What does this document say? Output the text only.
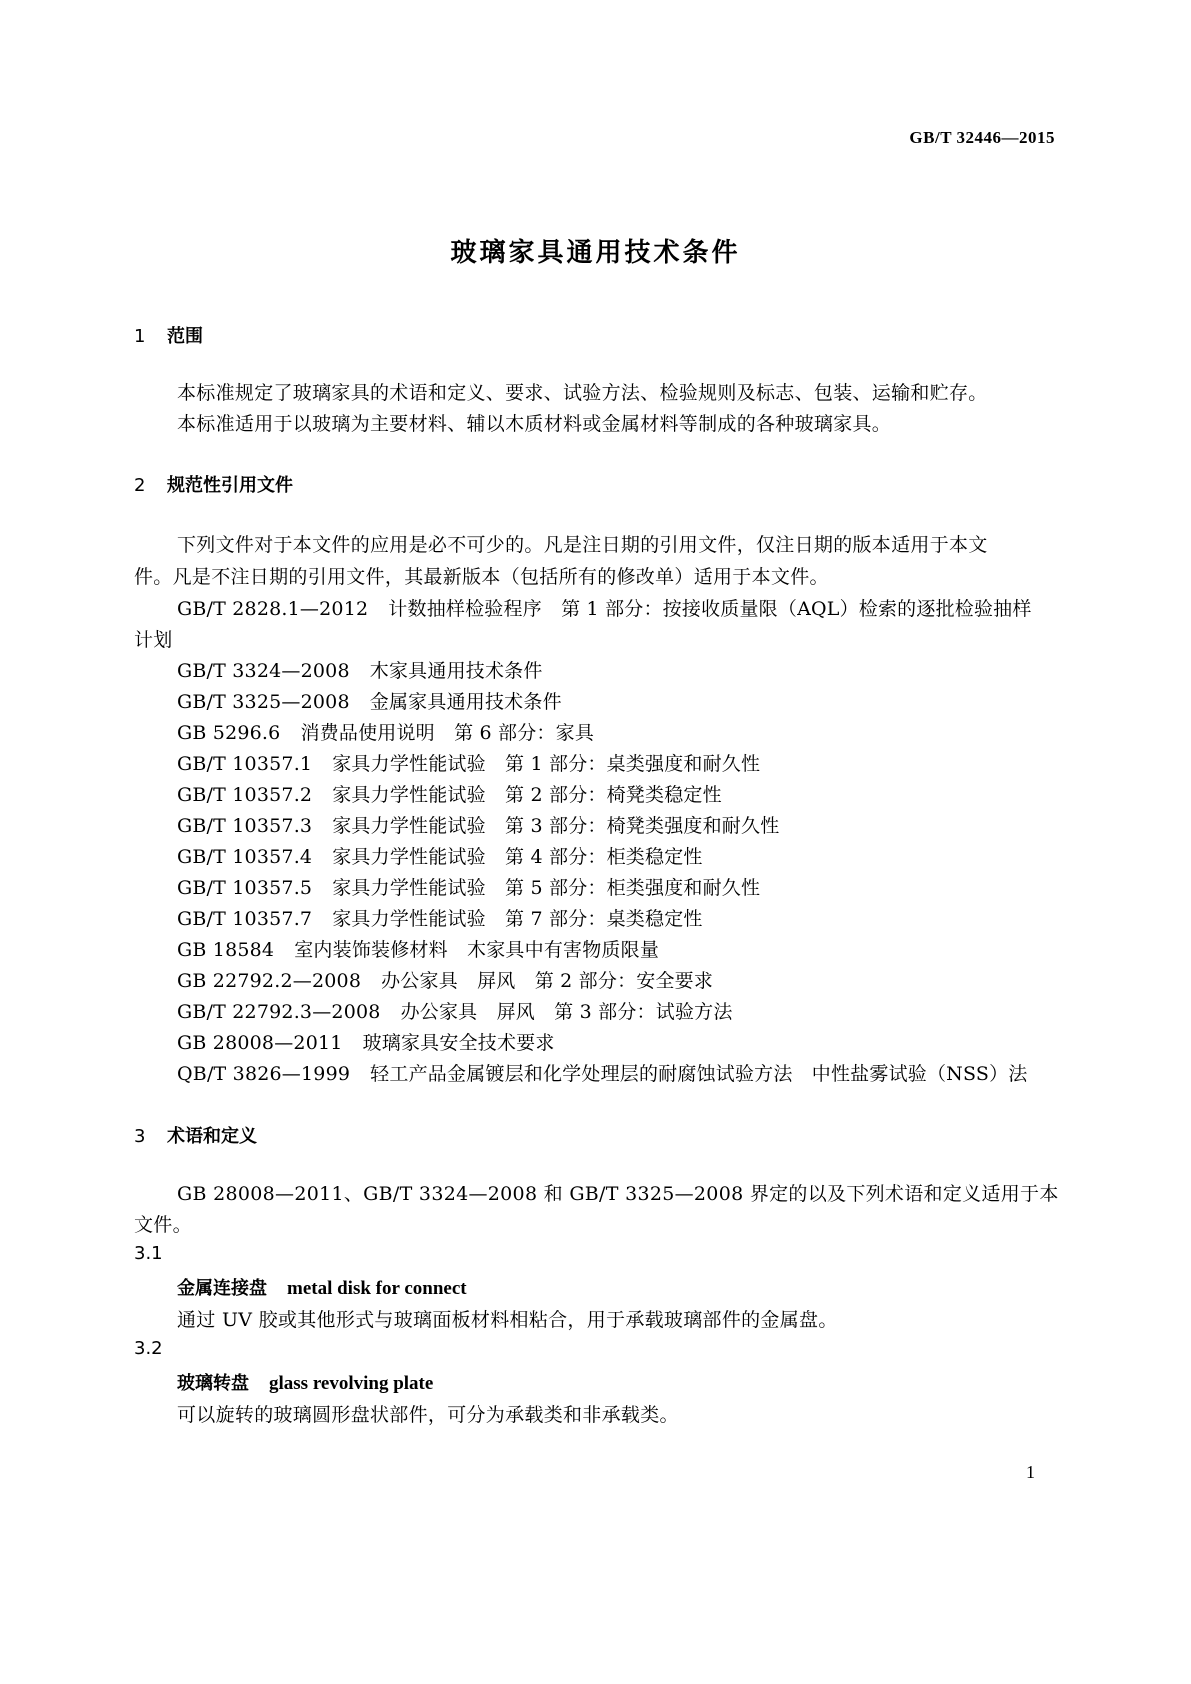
GB/T 32446—2015
玻璃家具通用技术条件
1 范围
本标准规定了玻璃家具的术语和定义、要求、试验方法、检验规则及标志、包装、运输和贮存。
本标准适用于以玻璃为主要材料、辅以木质材料或金属材料等制成的各种玻璃家具。
2 规范性引用文件
下列文件对于本文件的应用是必不可少的。凡是注日期的引用文件，仅注日期的版本适用于本文
件。凡是不注日期的引用文件，其最新版本（包括所有的修改单）适用于本文件。
GB/T 2828.1—2012 计数抽样检验程序　第 1 部分：按接收质量限（AQL）检索的逐批检验抽样
计划
GB/T 3324—2008 木家具通用技术条件
GB/T 3325—2008 金属家具通用技术条件
GB 5296.6 消费品使用说明　第 6 部分：家具
GB/T 10357.1 家具力学性能试验　第 1 部分：桌类强度和耐久性
GB/T 10357.2 家具力学性能试验　第 2 部分：椅凳类稳定性
GB/T 10357.3 家具力学性能试验　第 3 部分：椅凳类强度和耐久性
GB/T 10357.4 家具力学性能试验　第 4 部分：柜类稳定性
GB/T 10357.5 家具力学性能试验　第 5 部分：柜类强度和耐久性
GB/T 10357.7 家具力学性能试验　第 7 部分：桌类稳定性
GB 18584 室内装饰装修材料　木家具中有害物质限量
GB 22792.2—2008 办公家具　屏风　第 2 部分：安全要求
GB/T 22792.3—2008 办公家具　屏风　第 3 部分：试验方法
GB 28008—2011 玻璃家具安全技术要求
QB/T 3826—1999 轻工产品金属镀层和化学处理层的耐腐蚀试验方法　中性盐雾试验（NSS）法
3 术语和定义
GB 28008—2011、GB/T 3324—2008 和 GB/T 3325—2008 界定的以及下列术语和定义适用于本
文件。
3.1
金属连接盘 metal disk for connect
通过 UV 胶或其他形式与玻璃面板材料相粘合，用于承载玻璃部件的金属盘。
3.2
玻璃转盘 glass revolving plate
可以旋转的玻璃圆形盘状部件，可分为承载类和非承载类。
1
